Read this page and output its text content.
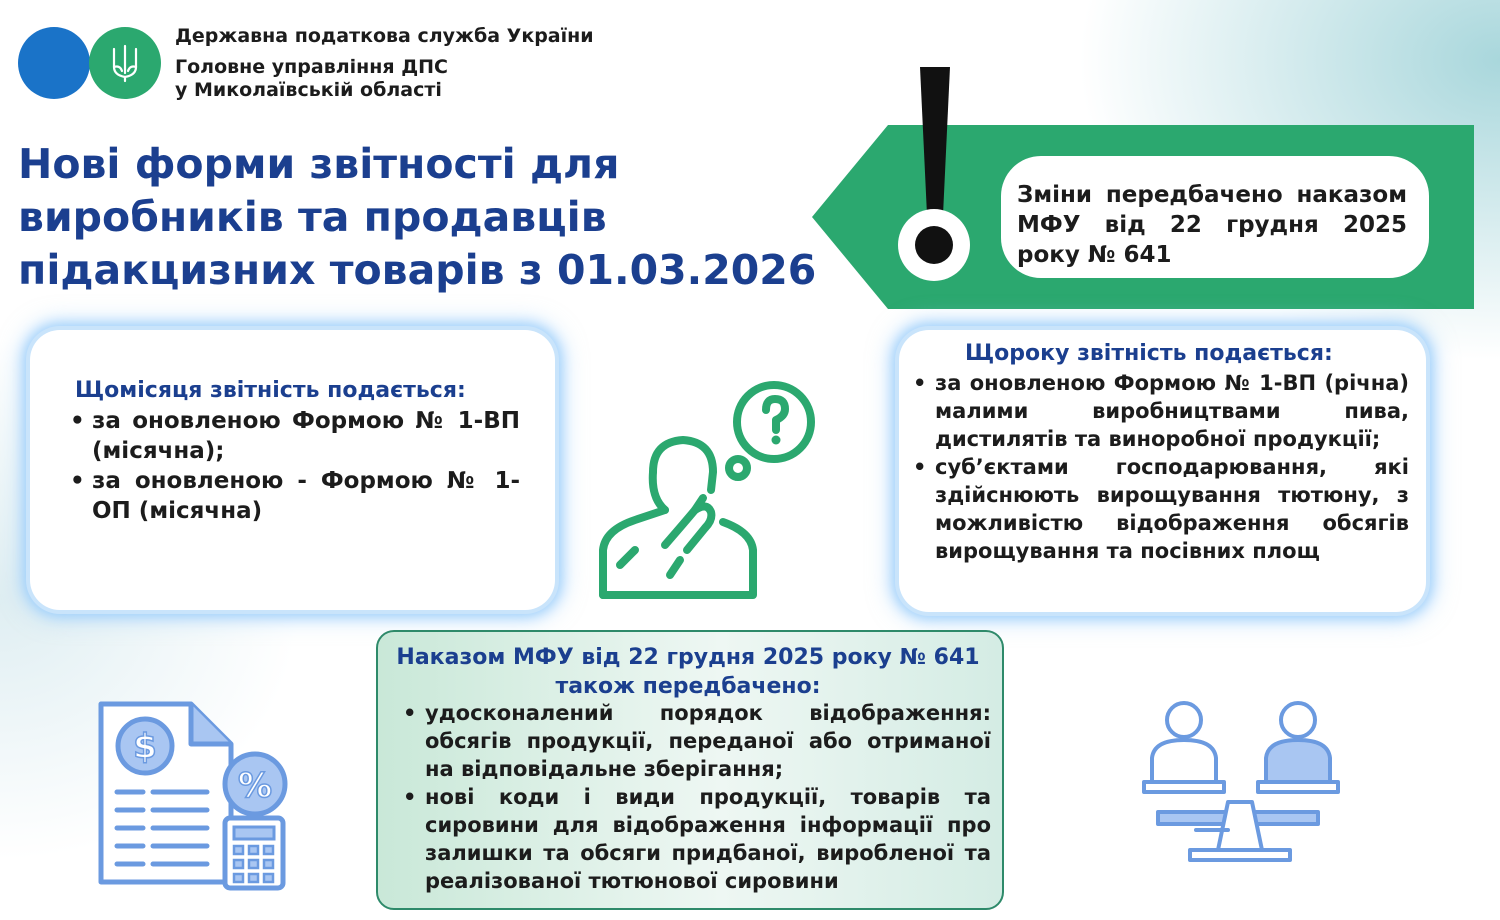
Державна податкова служба України
Головне управління ДПС
у Миколаївській області
Нові форми звітності для
виробників та продавців
підакцизних товарів з 01.03.2026
Зміни передбачено наказом МФУ від 22 грудня 2025 року № 641
Щомісяця звітність подається:
• за оновленою Формою № 1-ВП (місячна);
• за оновленою - Формою № 1-ОП (місячна)
Щороку звітність подається:
• за оновленою Формою № 1-ВП (річна) малими виробництвами пива, дистилятів та виноробної продукції;
• суб’єктами господарювання, які здійснюють вирощування тютюну, з можливістю відображення обсягів вирощування та посівних площ
$
%
Наказом МФУ від 22 грудня 2025 року № 641
також передбачено:
• удосконалений порядок відображення: обсягів продукції, переданої або отриманої на відповідальне зберігання;
• нові коди і види продукції, товарів та сировини для відображення інформації про залишки та обсяги придбаної, виробленої та реалізованої тютюнової сировини
